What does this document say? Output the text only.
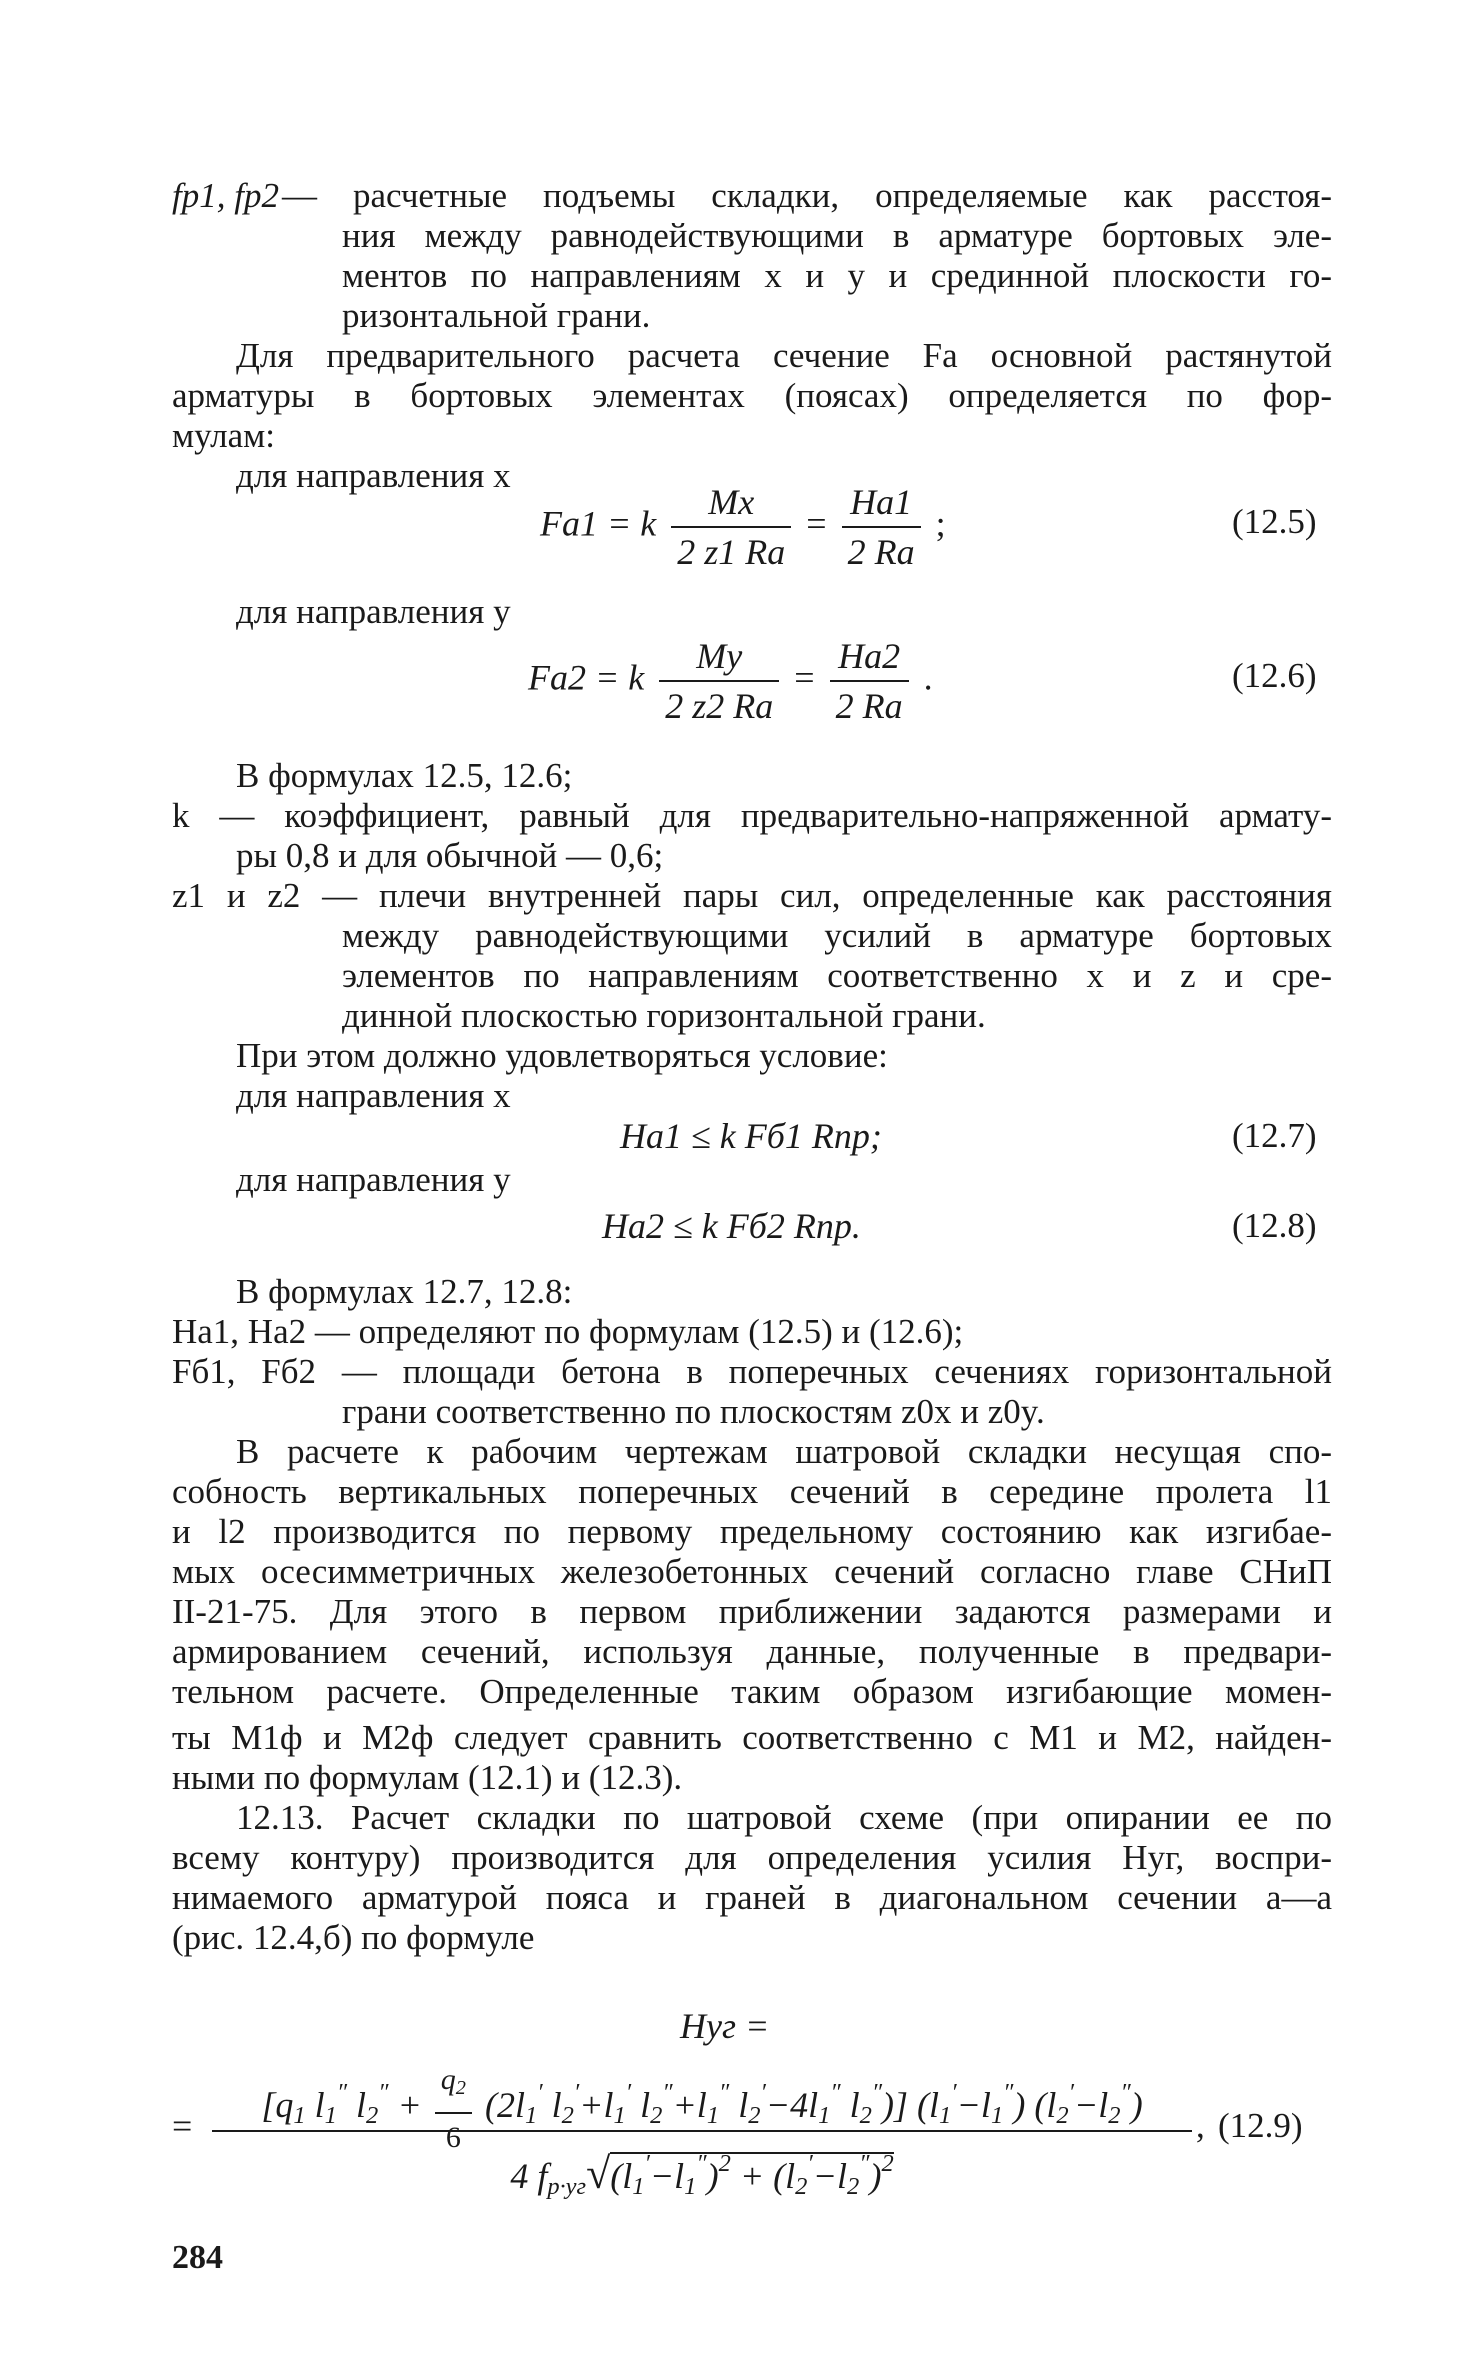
fp1, fp2 — расчетные подъемы складки, определяемые как расстоя-
ния между равнодействующими в арматуре бортовых эле-
ментов по направлениям x и y и срединной плоскости го-
ризонтальной грани.
Для предварительного расчета сечение Fa основной растянутой
арматуры в бортовых элементах (поясах) определяется по фор-
мулам:
для направления x
Fa1 = k $\frac{Mx}{2 z1 Ra} = \frac{Ha1}{2 Ra}$ ;	(12.5)
для направления y
Fa2 = k $\frac{My}{2 z2 Ra} = \frac{Ha2}{2 Ra}$ .	(12.6)
В формулах 12.5, 12.6;
k — коэффициент, равный для предварительно-напряженной армату-
ры 0,8 и для обычной — 0,6;
z1 и z2 — плечи внутренней пары сил, определенные как расстояния
между равнодействующими усилий в арматуре бортовых
элементов по направлениям соответственно x и z и сре-
динной плоскостью горизонтальной грани.
При этом должно удовлетворяться условие:
для направления x
Ha1 ≤ k Fб1 Rпр;	(12.7)
для направления y
Ha2 ≤ k Fб2 Rпр.	(12.8)
В формулах 12.7, 12.8:
Ha1, Ha2 — определяют по формулам (12.5) и (12.6);
Fб1, Fб2 — площади бетона в поперечных сечениях горизонтальной
грани соответственно по плоскостям z0x и z0y.
В расчете к рабочим чертежам шатровой складки несущая спо-
собность вертикальных поперечных сечений в середине пролета l1
и l2 производится по первому предельному состоянию как изгибае-
мых осесимметричных железобетонных сечений согласно главе СНиП
II-21-75. Для этого в первом приближении задаются размерами и
армированием сечений, используя данные, полученные в предвари-
тельном расчете. Определенные таким образом изгибающие момен-
ты M1ф и M2ф следует сравнить соответственно с M1 и M2, найден-
ными по формулам (12.1) и (12.3).
12.13. Расчет складки по шатровой схеме (при опирании ее по
всему контуру) производится для определения усилия Hyг, воспри-
нимаемого арматурой пояса и граней в диагональном сечении a—a
(рис. 12.4,б) по формуле
Hyг =
=
[$q_1$ $l_1''$ $l_2'' + \frac{q_2}{6} (2l_1'$ $l_2'+l_1'$ $l_2''+l_1''$ $l_2'-4l_1''$ $l_2''$)] $(l_1'-l_1'')$ $(l_2'-l_2'')$
4 $f_{p\cdot yг}√(l_1'-l_1'')^2 + (l_2'-l_2'')^2$
, (12.9)
284
